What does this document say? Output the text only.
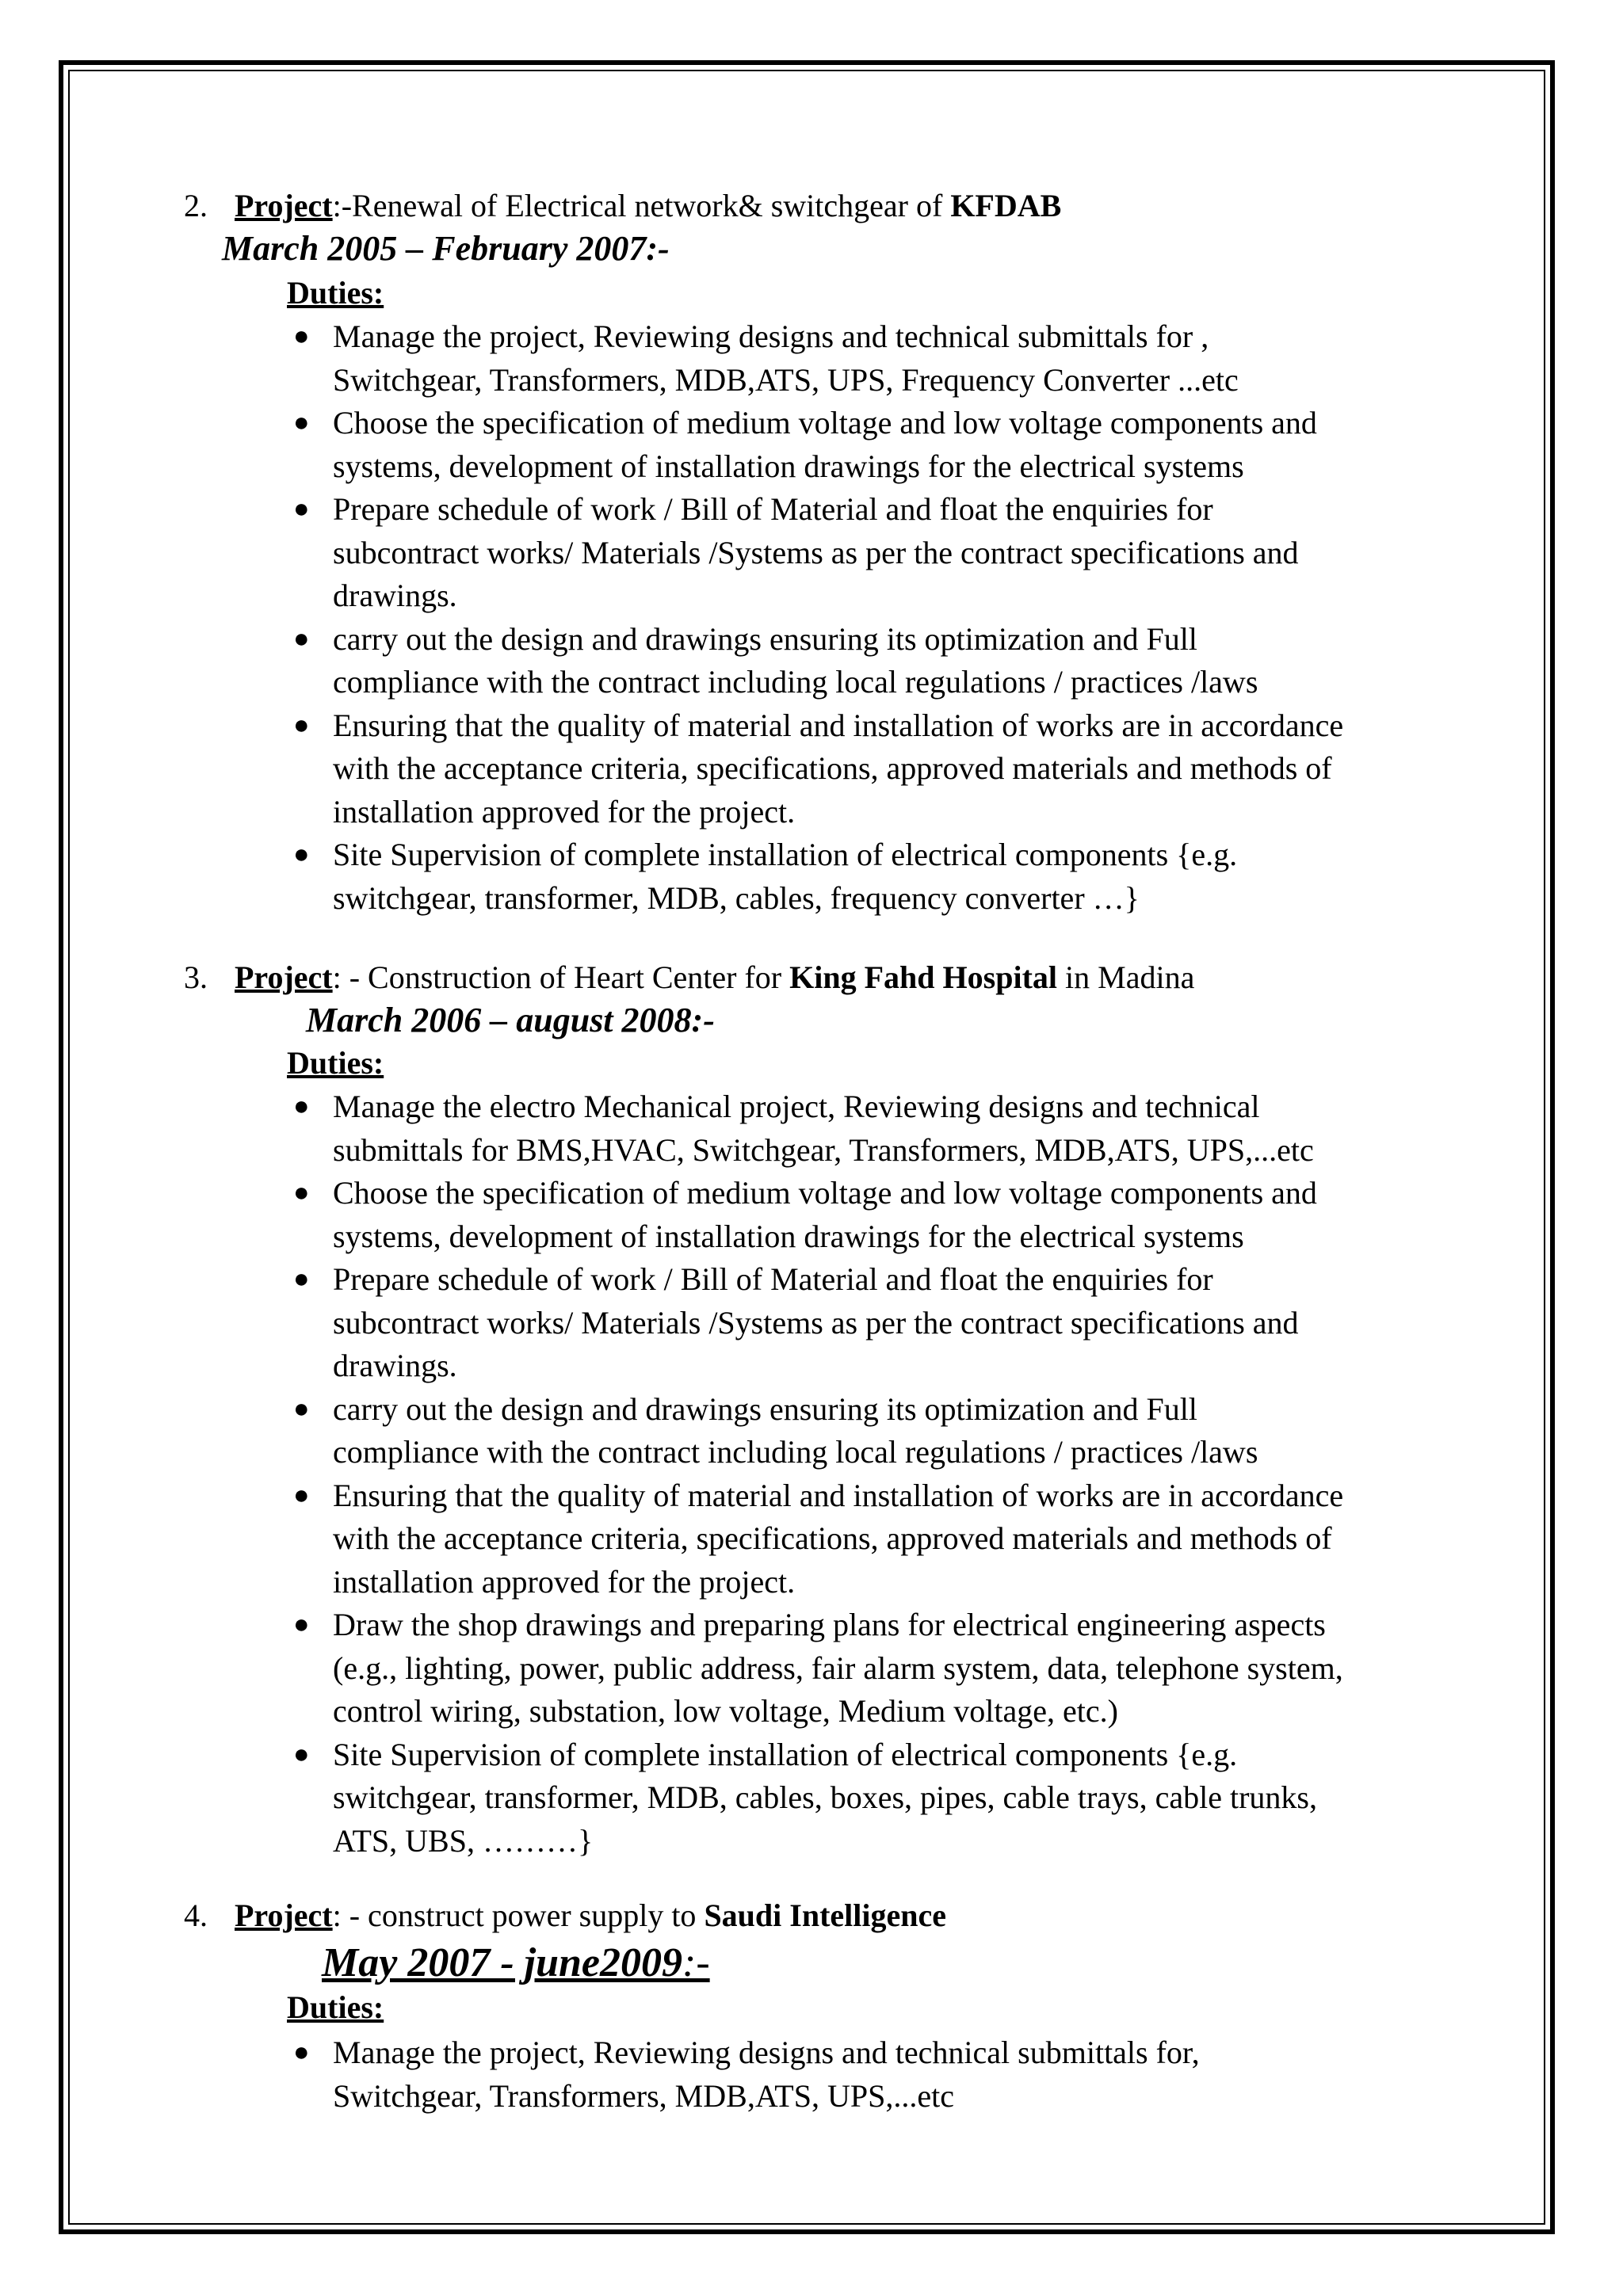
2. Project:-Renewal of Electrical network& switchgear of KFDAB
March 2005 – February 2007:-
Duties:
● Manage the project, Reviewing designs and technical submittals for ,
Switchgear, Transformers, MDB,ATS, UPS, Frequency Converter ...etc
● Choose the specification of medium voltage and low voltage components and
systems, development of installation drawings for the electrical systems
● Prepare schedule of work / Bill of Material and float the enquiries for
subcontract works/ Materials /Systems as per the contract specifications and
drawings.
● carry out the design and drawings ensuring its optimization and Full
compliance with the contract including local regulations / practices /laws
● Ensuring that the quality of material and installation of works are in accordance
with the acceptance criteria, specifications, approved materials and methods of
installation approved for the project.
● Site Supervision of complete installation of electrical components {e.g.
switchgear, transformer, MDB, cables, frequency converter …}
3. Project: - Construction of Heart Center for King Fahd Hospital in Madina
March 2006 – august 2008:-
Duties:
● Manage the electro Mechanical project, Reviewing designs and technical
submittals for BMS,HVAC, Switchgear, Transformers, MDB,ATS, UPS,...etc
● Choose the specification of medium voltage and low voltage components and
systems, development of installation drawings for the electrical systems
● Prepare schedule of work / Bill of Material and float the enquiries for
subcontract works/ Materials /Systems as per the contract specifications and
drawings.
● carry out the design and drawings ensuring its optimization and Full
compliance with the contract including local regulations / practices /laws
● Ensuring that the quality of material and installation of works are in accordance
with the acceptance criteria, specifications, approved materials and methods of
installation approved for the project.
● Draw the shop drawings and preparing plans for electrical engineering aspects
(e.g., lighting, power, public address, fair alarm system, data, telephone system,
control wiring, substation, low voltage, Medium voltage, etc.)
● Site Supervision of complete installation of electrical components {e.g.
switchgear, transformer, MDB, cables, boxes, pipes, cable trays, cable trunks,
ATS, UBS, ………}
4. Project: - construct power supply to Saudi Intelligence
May 2007 - june2009:-
Duties:
● Manage the project, Reviewing designs and technical submittals for,
Switchgear, Transformers, MDB,ATS, UPS,...etc
